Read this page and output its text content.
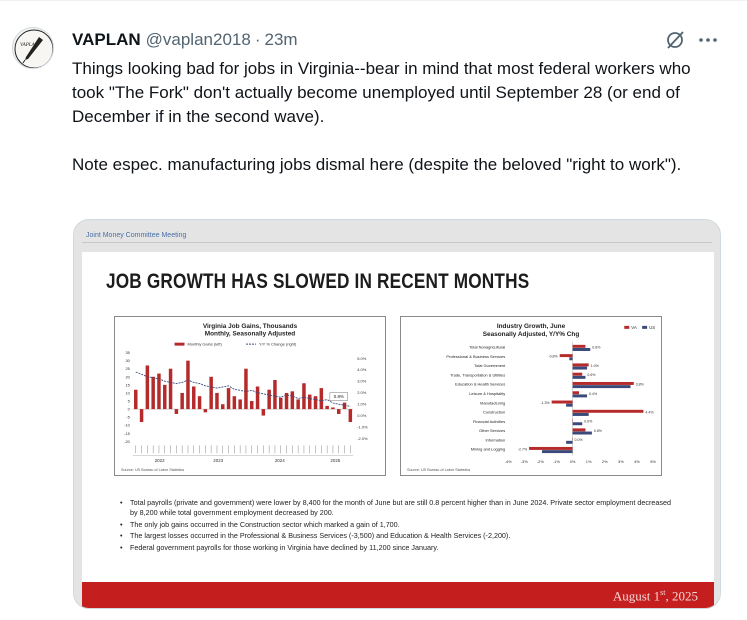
VAPLAN VAPLAN @vaplan2018 · 23m

Things looking bad for jobs in Virginia--bear in mind that most federal workers who took "The Fork" don't actually become unemployed until September 28 (or end of December if in the second wave).

Note espec. manufacturing jobs dismal here (despite the beloved "right to work").

Joint Money Committee Meeting
JOB GROWTH HAS SLOWED IN RECENT MONTHS
Virginia Job Gains, Thousands
Monthly, Seasonally Adjusted
Monthly Gains (left)	Y/Y % Change (right)
35
30
25
20
15
10
5
0
-5
-10
-15
-20
5.0%
4.0%
3.0%
2.0%
1.0%
0.0%
-1.0%
-2.0%
0.8%
2022	2023	2024	2025
Source: US Bureau of Labor Statistics
Industry Growth, June
Seasonally Adjusted, Y/Y% Chg
VA	US
Total Nonagricultural	0.8%
Professional & Business Services	-0.8%
Total Government	1.0%
Trade, Transportation & Utilities	0.6%
Education & Health Services	3.8%
Leisure & Hospitality	0.4%
Manufacturing	-1.3%
Construction	4.4%
Financial Activities	0.0%
Other Services	0.8%
Information	0.0%
Mining and Logging	-2.7%
-4% -3% -2% -1% 0%	1%	2%	3%	4%	5%
Source: US Bureau of Labor Statistics
• Total payrolls (private and government) were lower by 8,400 for the month of June but are still 0.8 percent higher than in June 2024. Private sector employment decreased by 8,200 while total government employment decreased by 200.
• The only job gains occurred in the Construction sector which marked a gain of 1,700.
• The largest losses occurred in the Professional & Business Services (-3,500) and Education & Health Services (-2,200).
• Federal government payrolls for those working in Virginia have declined by 11,200 since January.
August 1st, 2025
